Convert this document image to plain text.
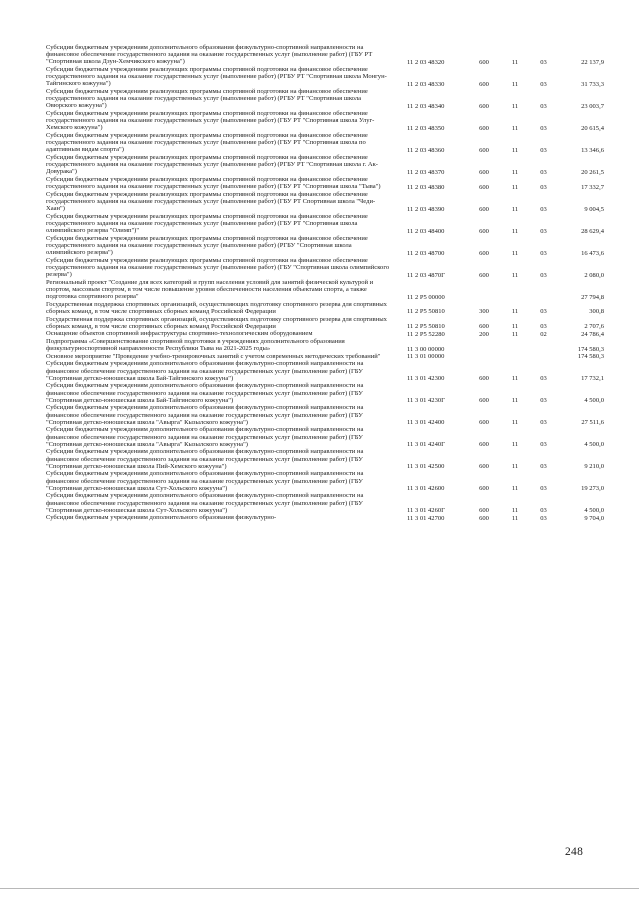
Субсидии бюджетным учреждениям дополнительного образования физкультурно-спортивной направленности на финансовое обеспечение государственного задания на оказание государственных услуг (выполнение работ) (ГБУ РТ "Спортивная школа Дзун-Хемчикского кожууна")	11 2 03 48320	600	11	03	22 137,9
Субсидии бюджетным учреждениям реализующих программы спортивной подготовки на финансовое обеспечение государственного задания на оказание государственных услуг (выполнение работ) (РГБУ РТ "Спортивная школа Монгун-Тайгинского кожууна")	11 2 03 48330	600	11	03	31 733,3
Субсидии бюджетным учреждениям реализующих программы спортивной подготовки на финансовое обеспечение государственного задания на оказание государственных услуг (выполнение работ) (РГБУ РТ "Спортивная школа Овюрского кожууна")	11 2 03 48340	600	11	03	23 003,7
Субсидии бюджетным учреждениям реализующих программы спортивной подготовки на финансовое обеспечение государственного задания на оказание государственных услуг (выполнение работ) (ГБУ РТ "Спортивная школа Улуг-Хемского кожууна")	11 2 03 48350	600	11	03	20 615,4
Субсидии бюджетным учреждениям реализующих программы спортивной подготовки на финансовое обеспечение государственного задания на оказание государственных услуг (выполнение работ) (ГБУ РТ "Спортивная школа по адаптивным видам спорта")	11 2 03 48360	600	11	03	13 346,6
Субсидии бюджетным учреждениям реализующих программы спортивной подготовки на финансовое обеспечение государственного задания на оказание государственных услуг (выполнение работ) (РГБУ РТ "Спортивная школа г. Ак-Довурака")	11 2 03 48370	600	11	03	20 261,5
Субсидии бюджетным учреждениям реализующих программы спортивной подготовки на финансовое обеспечение государственного задания на оказание государственных услуг (выполнение работ) (ГБУ РТ "Спортивная школа "Тыва")	11 2 03 48380	600	11	03	17 332,7
Субсидии бюджетным учреждениям реализующих программы спортивной подготовки на финансовое обеспечение государственного задания на оказание государственных услуг (выполнение работ) (ГБУ РТ Спортивная школа "Чеди-Хаан")	11 2 03 48390	600	11	03	9 004,5
Субсидии бюджетным учреждениям реализующих программы спортивной подготовки на финансовое обеспечение государственного задания на оказание государственных услуг (выполнение работ) (ГБУ РТ "Спортивная школа олимпийского резерва "Олимп")"	11 2 03 48400	600	11	03	28 629,4
Субсидии бюджетным учреждениям реализующих программы спортивной подготовки на финансовое обеспечение государственного задания на оказание государственных услуг (выполнение работ) (РГБУ "Спортивная школа олимпийского резерва")	11 2 03 48700	600	11	03	16 473,6
Субсидии бюджетным учреждениям реализующих программы спортивной подготовки на финансовое обеспечение государственного задания на оказание государственных услуг (выполнение работ) (ГБУ "Спортивная школа олимпийского резерва")	11 2 03 4870Г	600	11	03	2 080,0
Региональный проект "Создание для всех категорий и групп населения условий для занятий физической культурой и спортом, массовым спортом, в том числе повышение уровня обеспеченности населения объектами спорта, а также подготовка спортивного резерва"	11 2 P5 00000				27 794,8
Государственная поддержка спортивных организаций, осуществляющих подготовку спортивного резерва для спортивных сборных команд, в том числе спортивных сборных команд Российской Федерации	11 2 P5 50810	300	11	03	300,8
Государственная поддержка спортивных организаций, осуществляющих подготовку спортивного резерва для спортивных сборных команд, в том числе спортивных сборных команд Российской Федерации	11 2 P5 50810	600	11	03	2 707,6
Оснащение объектов спортивной инфраструктуры спортивно-технологическим оборудованием	11 2 P5 52280	200	11	02	24 786,4
Подпрограмма «Совершенствование спортивной подготовки в учреждениях дополнительного образования физкультурноспортивной направленности Республики Тыва на 2021-2025 годы»	11 3 00 00000				174 580,3
Основное мероприятие "Проведение учебно-тренировочных занятий с учетом современных методических требований"	11 3 01 00000				174 580,3
Субсидии бюджетным учреждениям дополнительного образования физкультурно-спортивной направленности на финансовое обеспечение государственного задания на оказание государственных услуг (выполнение работ) (ГБУ "Спортивная детско-юношеская школа Бай-Тайгинского кожууна")	11 3 01 42300	600	11	03	17 732,1
Субсидии бюджетным учреждениям дополнительного образования физкультурно-спортивной направленности на финансовое обеспечение государственного задания на оказание государственных услуг (выполнение работ) (ГБУ "Спортивная детско-юношеская школа Бай-Тайгинского кожууна")	11 3 01 4230Г	600	11	03	4 500,0
Субсидии бюджетным учреждениям дополнительного образования физкультурно-спортивной направленности на финансовое обеспечение государственного задания на оказание государственных услуг (выполнение работ) (ГБУ "Спортивная детско-юношеская школа "Авырга" Кызылского кожууна")	11 3 01 42400	600	11	03	27 511,6
Субсидии бюджетным учреждениям дополнительного образования физкультурно-спортивной направленности на финансовое обеспечение государственного задания на оказание государственных услуг (выполнение работ) (ГБУ "Спортивная детско-юношеская школа "Авырга" Кызылского кожууна")	11 3 01 4240Г	600	11	03	4 500,0
Субсидии бюджетным учреждениям дополнительного образования физкультурно-спортивной направленности на финансовое обеспечение государственного задания на оказание государственных услуг (выполнение работ) (ГБУ "Спортивная детско-юношеская школа Пий-Хемского кожууна")	11 3 01 42500	600	11	03	9 210,0
Субсидии бюджетным учреждениям дополнительного образования физкультурно-спортивной направленности на финансовое обеспечение государственного задания на оказание государственных услуг (выполнение работ) (ГБУ "Спортивная детско-юношеская школа Сут-Хольского кожууна")	11 3 01 42600	600	11	03	19 273,0
Субсидии бюджетным учреждениям дополнительного образования физкультурно-спортивной направленности на финансовое обеспечение государственного задания на оказание государственных услуг (выполнение работ) (ГБУ "Спортивная детско-юношеская школа Сут-Хольского кожууна")	11 3 01 4260Г	600	11	03	4 500,0
Субсидии бюджетным учреждениям дополнительного образования физкультурно-	11 3 01 42700	600	11	03	9 704,0
248
